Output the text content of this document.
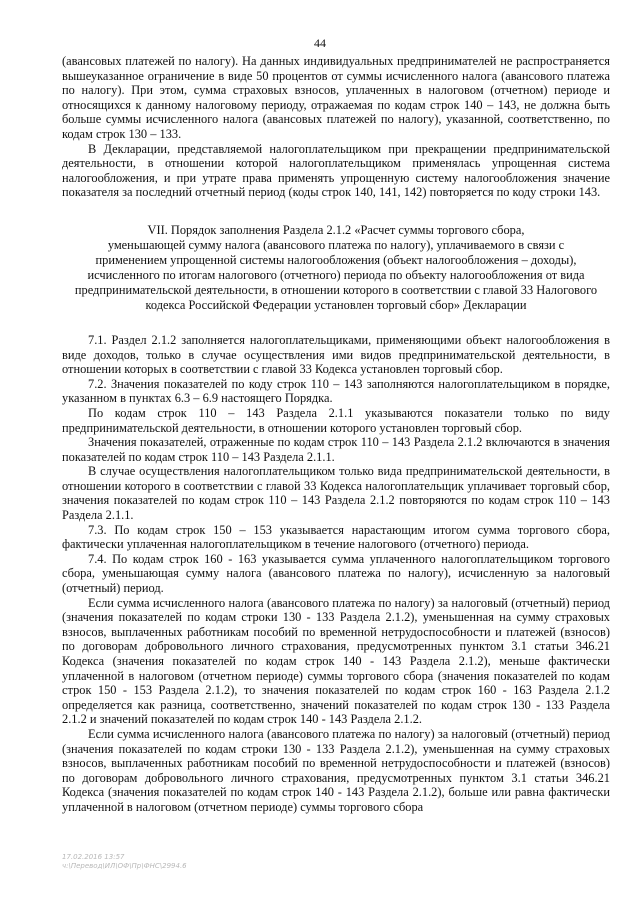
44

(авансовых платежей по налогу). На данных индивидуальных предпринимателей не распространяется вышеуказанное ограничение в виде 50 процентов от суммы исчисленного налога (авансового платежа по налогу). При этом, сумма страховых взносов, уплаченных в налоговом (отчетном) периоде и относящихся к данному налоговому периоду, отражаемая по кодам строк 140 – 143, не должна быть больше суммы исчисленного налога (авансовых платежей по налогу), указанной, соответственно, по кодам строк 130 – 133.

В Декларации, представляемой налогоплательщиком при прекращении предпринимательской деятельности, в отношении которой налогоплательщиком применялась упрощенная система налогообложения, и при утрате права применять упрощенную систему налогообложения значение показателя за последний отчетный период (коды строк 140, 141, 142) повторяется по коду строки 143.

VII. Порядок заполнения Раздела 2.1.2 «Расчет суммы торгового сбора,

уменьшающей сумму налога (авансового платежа по налогу), уплачиваемого в связи с

применением упрощенной системы налогообложения (объект налогообложения – доходы),

исчисленного по итогам налогового (отчетного) периода по объекту налогообложения от вида

предпринимательской деятельности, в отношении которого в соответствии с главой 33 Налогового

кодекса Российской Федерации установлен торговый сбор» Декларации

7.1. Раздел 2.1.2 заполняется налогоплательщиками, применяющими объект налогообложения в виде доходов, только в случае осуществления ими видов предпринимательской деятельности, в отношении которых в соответствии с главой 33 Кодекса установлен торговый сбор.

7.2. Значения показателей по коду строк 110 – 143 заполняются налогоплательщиком в порядке, указанном в пунктах 6.3 – 6.9 настоящего Порядка.

По кодам строк 110 – 143 Раздела 2.1.1 указываются показатели только по виду предпринимательской деятельности, в отношении которого установлен торговый сбор.

Значения показателей, отраженные по кодам строк 110 – 143 Раздела 2.1.2 включаются в значения показателей по кодам строк 110 – 143 Раздела 2.1.1.

В случае осуществления налогоплательщиком только вида предпринимательской деятельности, в отношении которого в соответствии с главой 33 Кодекса налогоплательщик уплачивает торговый сбор, значения показателей по кодам строк 110 – 143 Раздела 2.1.2 повторяются по кодам строк 110 – 143 Раздела 2.1.1.

7.3. По кодам строк 150 – 153 указывается нарастающим итогом сумма торгового сбора, фактически уплаченная налогоплательщиком в течение налогового (отчетного) периода.

7.4. По кодам строк 160 - 163 указывается сумма уплаченного налогоплательщиком торгового сбора, уменьшающая сумму налога (авансового платежа по налогу), исчисленную за налоговый (отчетный) период.

Если сумма исчисленного налога (авансового платежа по налогу) за налоговый (отчетный) период (значения показателей по кодам строки 130 - 133 Раздела 2.1.2), уменьшенная на сумму страховых взносов, выплаченных работникам пособий по временной нетрудоспособности и платежей (взносов) по договорам добровольного личного страхования, предусмотренных пунктом 3.1 статьи 346.21 Кодекса (значения показателей по кодам строк 140 - 143 Раздела 2.1.2), меньше фактически уплаченной в налоговом (отчетном периоде) суммы торгового сбора (значения показателей по кодам строк 150 - 153 Раздела 2.1.2), то значения показателей по кодам строк 160 - 163 Раздела 2.1.2 определяется как разница, соответственно, значений показателей по кодам строк 130 - 133 Раздела 2.1.2 и значений показателей по кодам строк 140 - 143 Раздела 2.1.2.

Если сумма исчисленного налога (авансового платежа по налогу) за налоговый (отчетный) период (значения показателей по кодам строки 130 - 133 Раздела 2.1.2), уменьшенная на сумму страховых взносов, выплаченных работникам пособий по временной нетрудоспособности и платежей (взносов) по договорам добровольного личного страхования, предусмотренных пунктом 3.1 статьи 346.21 Кодекса (значения показателей по кодам строк 140 - 143 Раздела 2.1.2), больше или равна фактически уплаченной в налоговом (отчетном периоде) суммы торгового сбора

17.02.2016 13:57
ч:\Перевод\ИЛ\ОФ\Пр\ФНС\2994.6
